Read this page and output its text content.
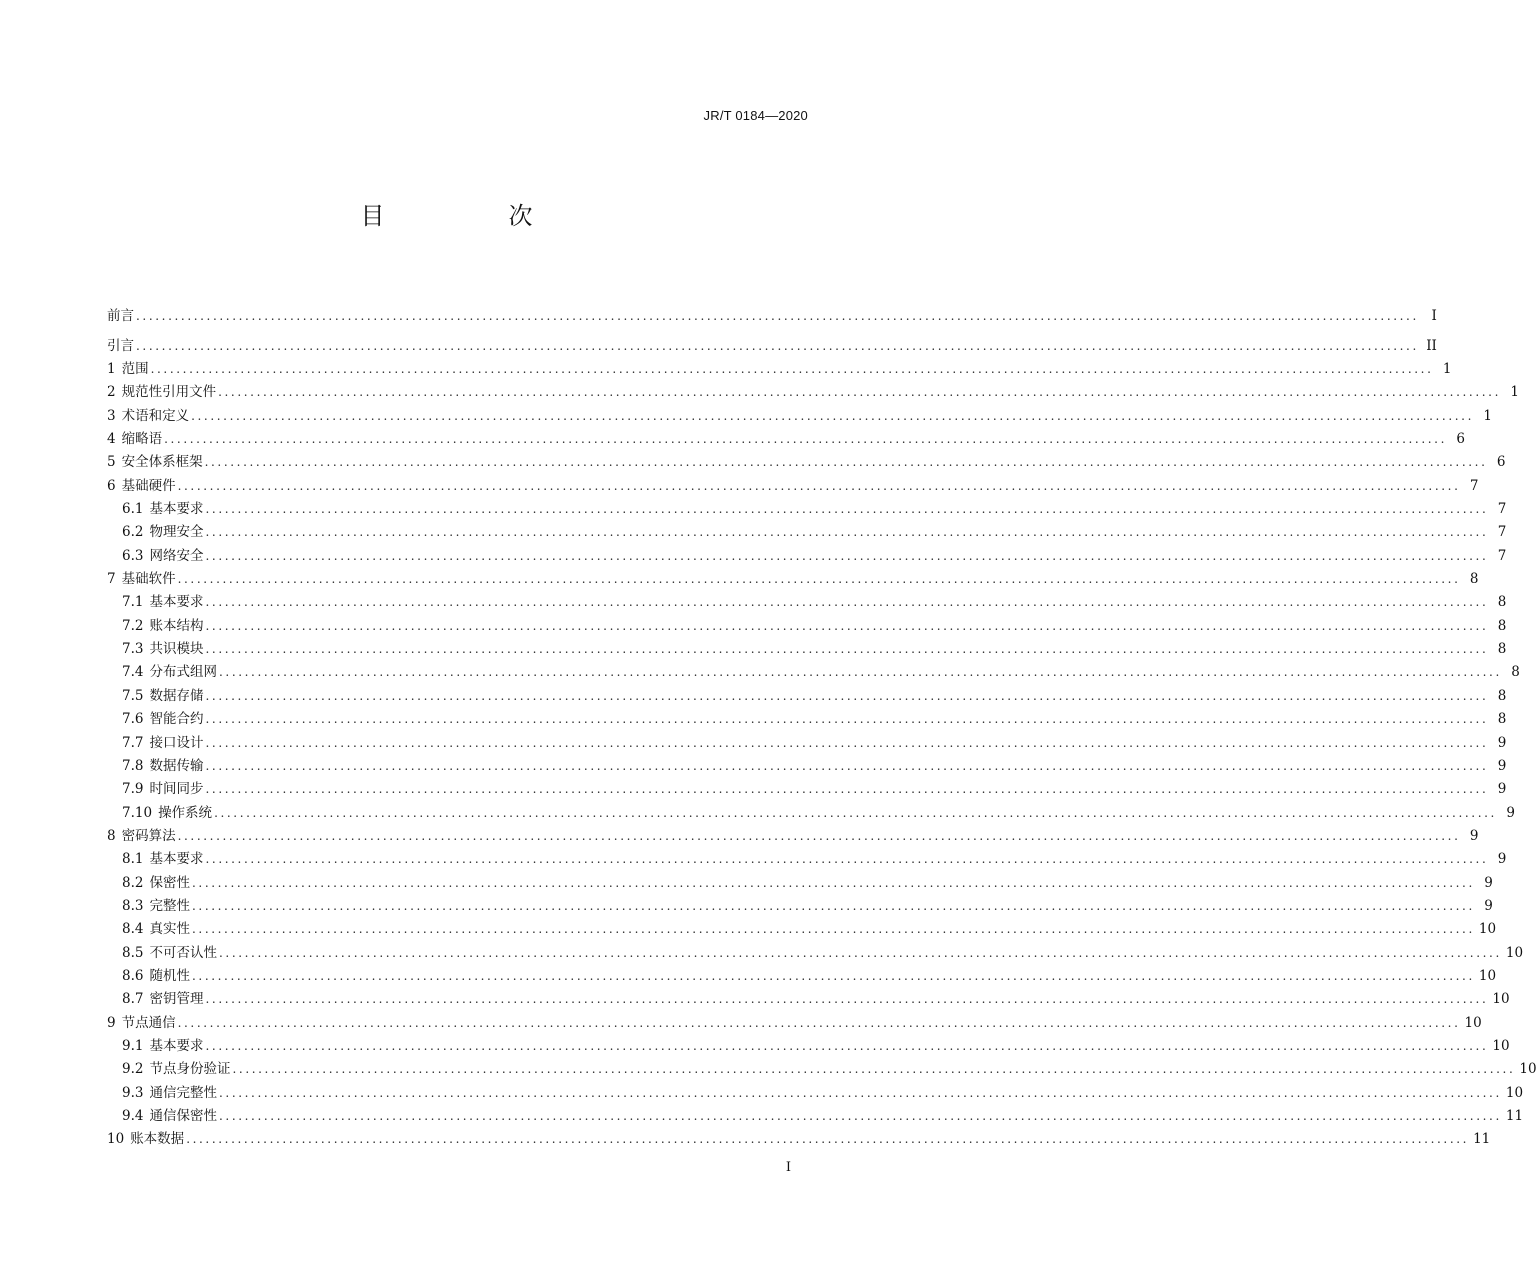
JR/T 0184—2020
目　次
前言 ........................................................................................................................................................................................................ I
引言 ........................................................................................................................................................................................................ II
1 范围 ........................................................................................................................................................................................................ 1
2 规范性引用文件 ........................................................................................................................................................................................................ 1
3 术语和定义 ........................................................................................................................................................................................................ 1
4 缩略语 ........................................................................................................................................................................................................ 6
5 安全体系框架 ........................................................................................................................................................................................................ 6
6 基础硬件 ........................................................................................................................................................................................................ 7
6.1 基本要求 ........................................................................................................................................................................................................ 7
6.2 物理安全 ........................................................................................................................................................................................................ 7
6.3 网络安全 ........................................................................................................................................................................................................ 7
7 基础软件 ........................................................................................................................................................................................................ 8
7.1 基本要求 ........................................................................................................................................................................................................ 8
7.2 账本结构 ........................................................................................................................................................................................................ 8
7.3 共识模块 ........................................................................................................................................................................................................ 8
7.4 分布式组网 ........................................................................................................................................................................................................ 8
7.5 数据存储 ........................................................................................................................................................................................................ 8
7.6 智能合约 ........................................................................................................................................................................................................ 8
7.7 接口设计 ........................................................................................................................................................................................................ 9
7.8 数据传输 ........................................................................................................................................................................................................ 9
7.9 时间同步 ........................................................................................................................................................................................................ 9
7.10 操作系统 ........................................................................................................................................................................................................ 9
8 密码算法 ........................................................................................................................................................................................................ 9
8.1 基本要求 ........................................................................................................................................................................................................ 9
8.2 保密性 ........................................................................................................................................................................................................ 9
8.3 完整性 ........................................................................................................................................................................................................ 9
8.4 真实性 ........................................................................................................................................................................................................ 10
8.5 不可否认性 ........................................................................................................................................................................................................ 10
8.6 随机性 ........................................................................................................................................................................................................ 10
8.7 密钥管理 ........................................................................................................................................................................................................ 10
9 节点通信 ........................................................................................................................................................................................................ 10
9.1 基本要求 ........................................................................................................................................................................................................ 10
9.2 节点身份验证 ........................................................................................................................................................................................................ 10
9.3 通信完整性 ........................................................................................................................................................................................................ 10
9.4 通信保密性 ........................................................................................................................................................................................................ 11
10 账本数据 ........................................................................................................................................................................................................ 11
I
